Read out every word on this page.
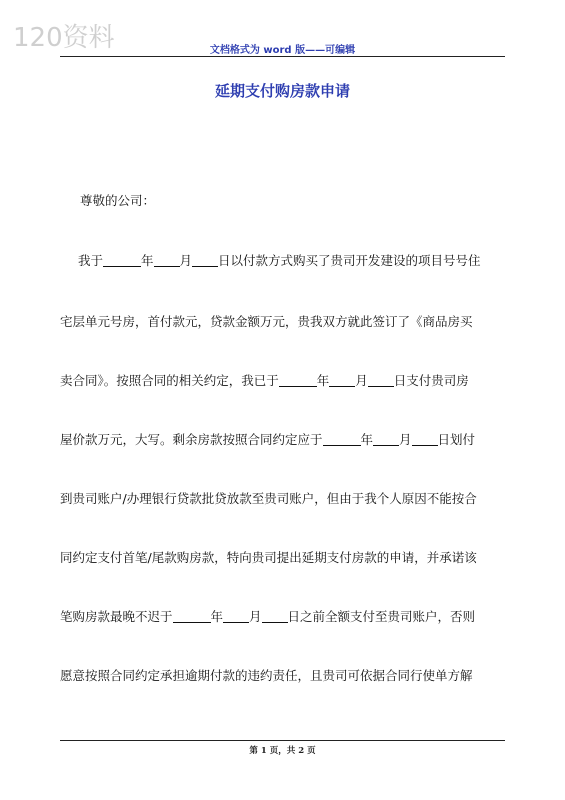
120资料	文档格式为 word 版——可编辑
延期支付购房款申请
尊敬的公司：
我于	年 月 日以付款方式购买了贵司开发建设的项目号号住
宅层单元号房，首付款元，贷款金额万元，贵我双方就此签订了《商品房买
卖合同》。按照合同的相关约定，我已于	年 月 日支付贵司房
屋价款万元，大写。剩余房款按照合同约定应于	年 月 日划付
到贵司账户/办理银行贷款批贷放款至贵司账户，但由于我个人原因不能按合
同约定支付首笔/尾款购房款，特向贵司提出延期支付房款的申请，并承诺该
笔购房款最晚不迟于	年 月 日之前全额支付至贵司账户，否则
愿意按照合同约定承担逾期付款的违约责任，且贵司可依据合同行使单方解
第 1 页，共 2 页
